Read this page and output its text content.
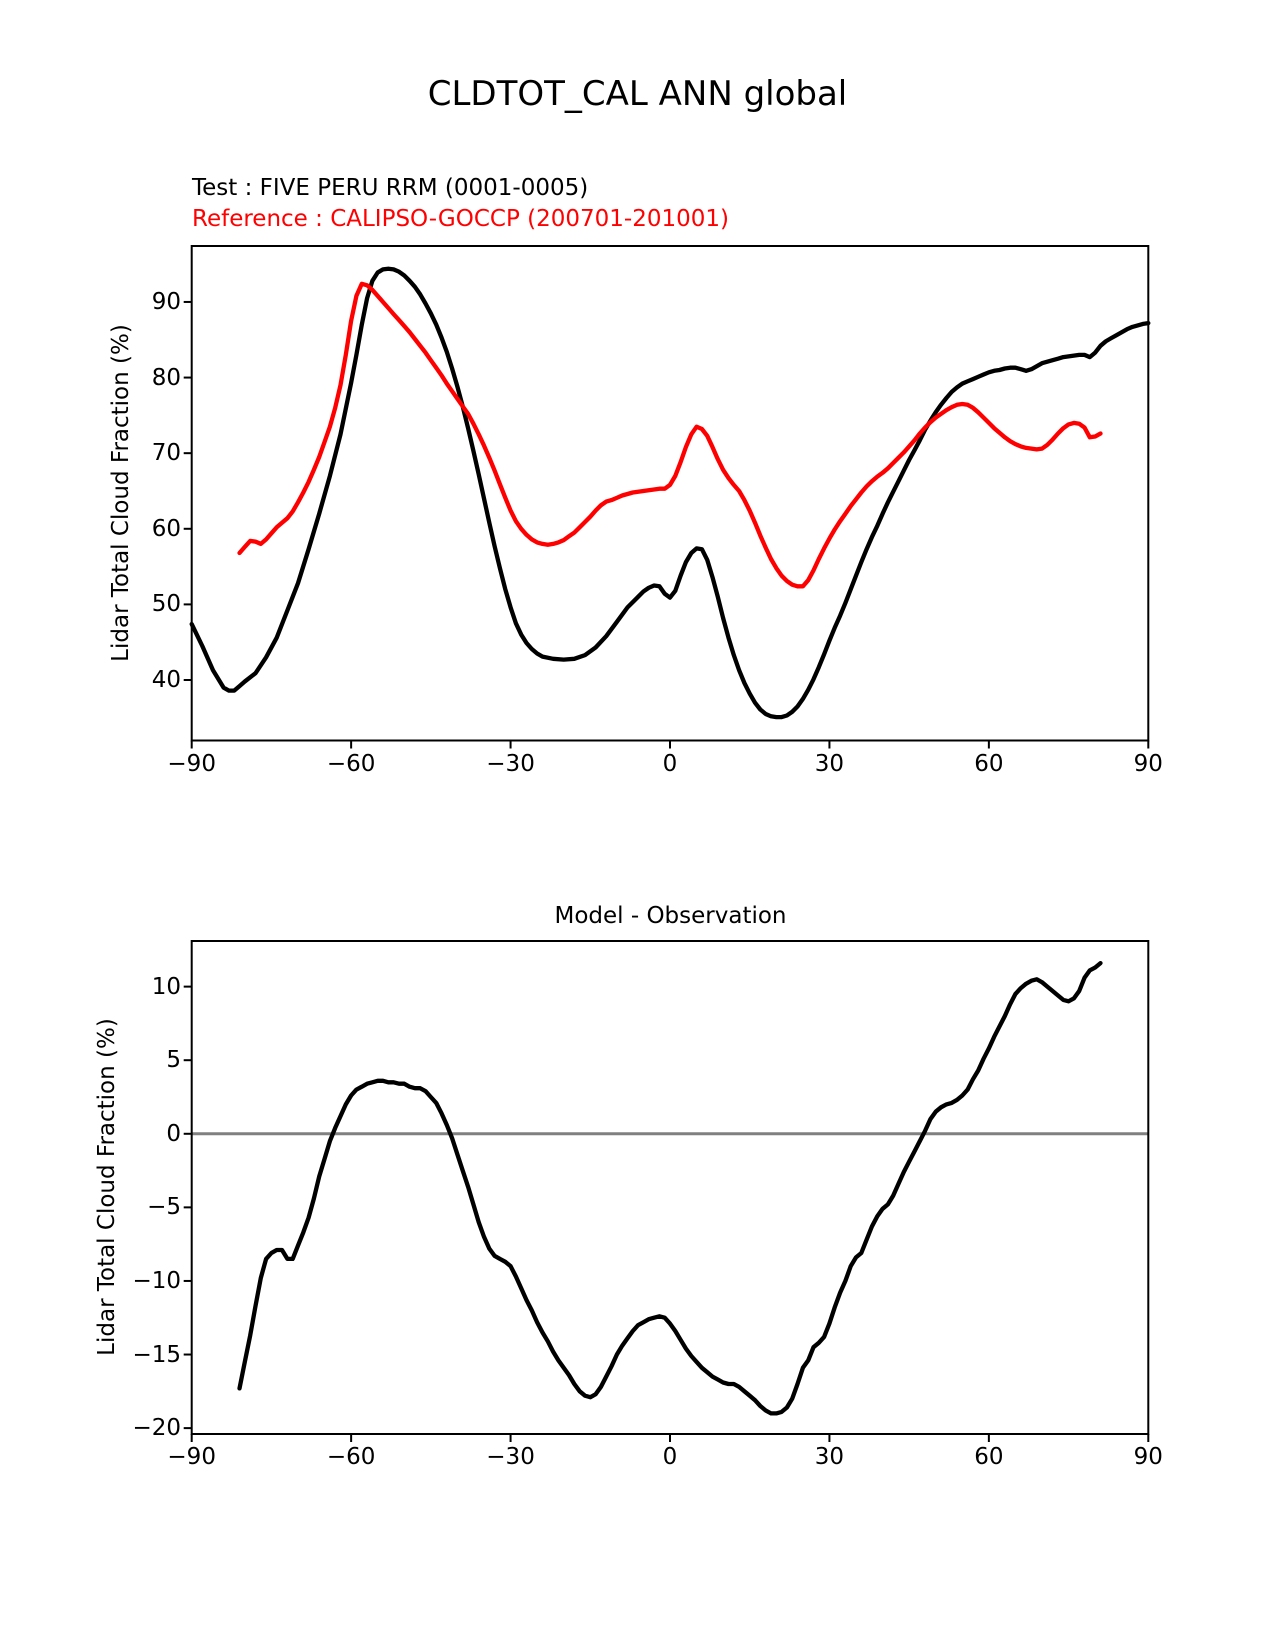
CLDTOT_CAL ANN global
Test : FIVE PERU RRM (0001-0005)
Reference : CALIPSO-GOCCP (200701-201001)
Lidar Total Cloud Fraction (%)
Lidar Total Cloud Fraction (%)
Model - Observation
−90	−60	−30	0	30	60	90
40
50
60
70
80
90
−90	−60	−30	0	30	60	90
−20
−15
−10
−5
0
5
10
